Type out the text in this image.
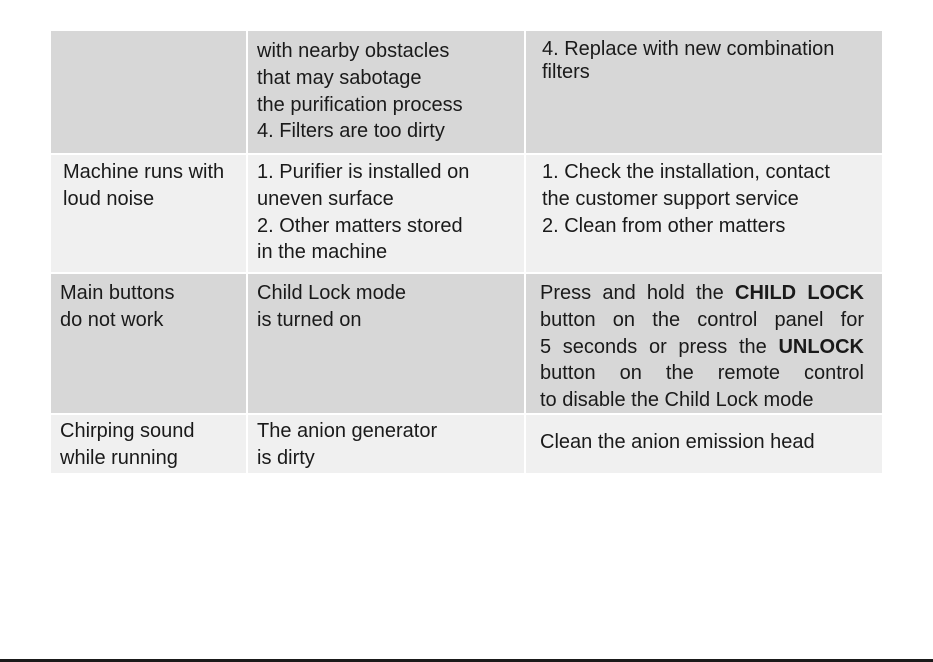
with nearby obstacles
that may sabotage
the purification process
4. Filters are too dirty
4. Replace with new combination
filters
Machine runs with
loud noise
1. Purifier is installed on
uneven surface
2. Other matters stored
in the machine
1. Check the installation, contact
the customer support service
2. Clean from other matters
Main buttons
do not work
Child Lock mode
is turned on
Press and hold the CHILD LOCK
button on the control panel for
5 seconds or press the UNLOCK
button on the remote control
to disable the Child Lock mode
Chirping sound
while running
The anion generator
is dirty
Clean the anion emission head
